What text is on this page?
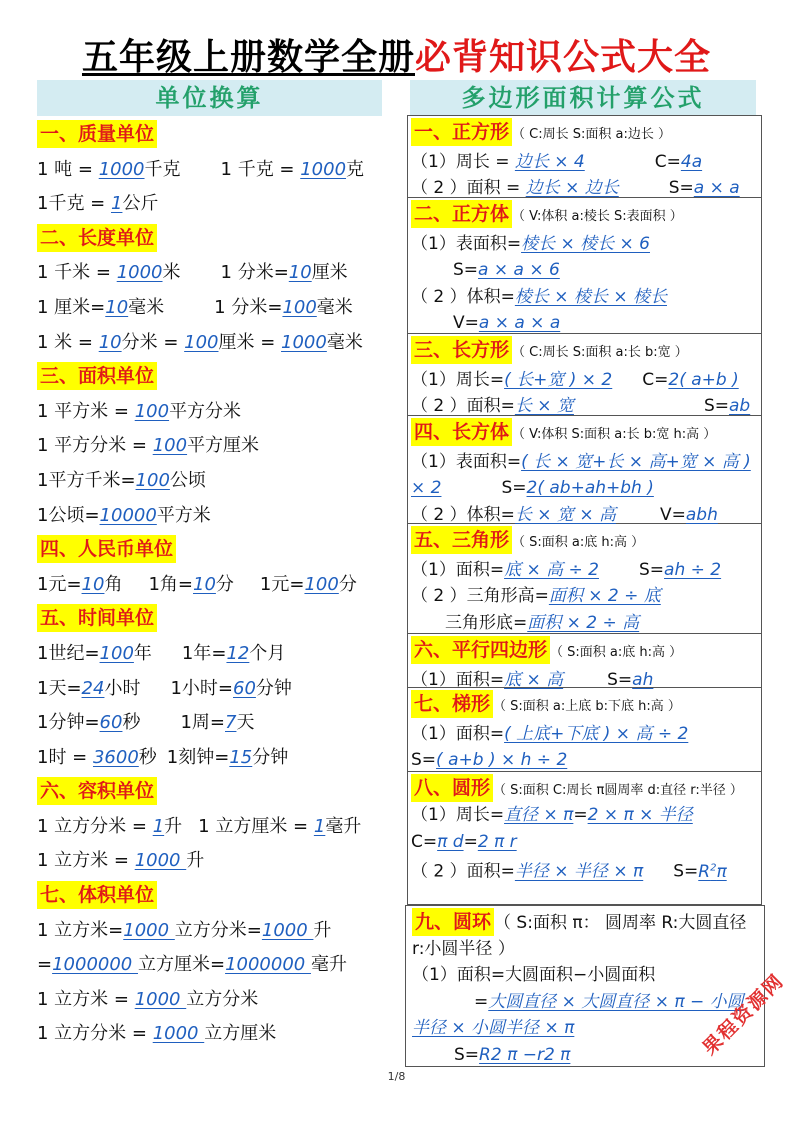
五年级上册数学全册必背知识公式大全
单位换算	多边形面积计算公式
一、质量单位
1 吨 = 1000千克 1 千克 = 1000克
1千克 = 1公斤
二、长度单位
1 千米 = 1000米 1 分米=10厘米
1 厘米=10毫米	1 分米=100毫米
1 米 = 10分米 = 100厘米 = 1000毫米
三、面积单位
1 平方米 = 100平方分米
1 平方分米 = 100平方厘米
1平方千米=100公顷
1公顷=10000平方米
四、人民币单位
1元=10角 1角=10分 1元=100分
五、时间单位
1世纪=100年 1年=12个月
1天=24小时 1小时=60分钟
1分钟=60秒 1周=7天
1时 = 3600秒 1刻钟=15分钟
六、容积单位
1 立方分米 = 1升 1 立方厘米 = 1毫升
1 立方米 = 1000 升
七、体积单位
1 立方米=1000 立方分米=1000 升
=1000000 立方厘米=1000000 毫升
1 立方米 = 1000 立方分米
1 立方分米 = 1000 立方厘米
一、正方形 （ C:周长 S:面积 a:边长 ）
（1）周长 = 边长 × 4	C=4a
（ 2 ）面积 = 边长 × 边长	S=a × a
二、正方体 （ V:体积 a:棱长 S:表面积 ）
（1）表面积=棱长 × 棱长 × 6
S=a × a × 6
（ 2 ）体积=棱长 × 棱长 × 棱长
V=a × a × a
三、长方形 （ C:周长 S:面积 a:长 b:宽 ）
（1）周长=( 长+宽 ) × 2 C=2( a+b )
（ 2 ）面积=长 × 宽	S=ab
四、长方体 （ V:体积 S:面积 a:长 b:宽 h:高 ）
（1）表面积=( 长 × 宽+长 × 高+宽 × 高 ) × 2	S=2( ab+ah+bh )
（ 2 ）体积=长 × 宽 × 高	V=abh
五、三角形 （ S:面积 a:底 h:高 ）
（1）面积=底 × 高 ÷ 2 S=ah ÷ 2
（ 2 ）三角形高=面积 × 2 ÷ 底
三角形底=面积 × 2 ÷ 高
六、平行四边形 （ S:面积 a:底 h:高 ）
（1）面积=底 × 高	S=ah
七、梯形 （ S:面积 a:上底 b:下底 h:高 ）
（1）面积=( 上底+下底 ) × 高 ÷ 2
S=( a+b ) × h ÷ 2
八、圆形 （ S:面积 C:周长 π圆周率 d:直径 r:半径 ）
（1）周长=直径 × π=2 × π × 半径
C=π d=2 π r
（ 2 ）面积=半径 × 半径 × π $S=R^2\pi$
九、圆环 （ S:面积 π： 圆周率 R:大圆直径 r:小圆半径 ）
（1）面积=大圆面积−小圆面积
=大圆直径 × 大圆直径 × π − 小圆半径 × 小圆半径 × π
S=R2 π −r2 π	果程资源网
1/8
